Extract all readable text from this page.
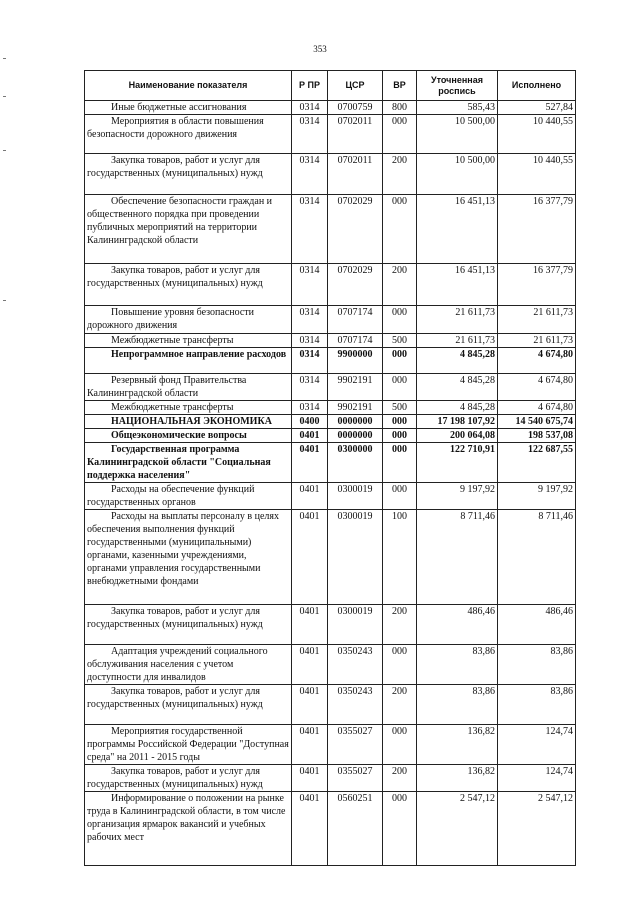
353
Наименование показателя	Р ПР	ЦСР	ВР	Уточненная роспись	Исполнено
Иные бюджетные ассигнования	0314	0700759	800	585,43	527,84
Мероприятия в области повышения безопасности дорожного движения	0314	0702011	000	10 500,00	10 440,55
Закупка товаров, работ и услуг для государственных (муниципальных) нужд	0314	0702011	200	10 500,00	10 440,55
Обеспечение безопасности граждан и общественного порядка при проведении публичных мероприятий на территории Калининградской области	0314	0702029	000	16 451,13	16 377,79
Закупка товаров, работ и услуг для государственных (муниципальных) нужд	0314	0702029	200	16 451,13	16 377,79
Повышение уровня безопасности дорожного движения	0314	0707174	000	21 611,73	21 611,73
Межбюджетные трансферты	0314	0707174	500	21 611,73	21 611,73
Непрограммное направление расходов	0314	9900000	000	4 845,28	4 674,80
Резервный фонд Правительства Калининградской области	0314	9902191	000	4 845,28	4 674,80
Межбюджетные трансферты	0314	9902191	500	4 845,28	4 674,80
НАЦИОНАЛЬНАЯ ЭКОНОМИКА	0400	0000000	000	17 198 107,92	14 540 675,74
Общеэкономические вопросы	0401	0000000	000	200 064,08	198 537,08
Государственная программа Калининградской области "Социальная поддержка населения"	0401	0300000	000	122 710,91	122 687,55
Расходы на обеспечение функций государственных органов	0401	0300019	000	9 197,92	9 197,92
Расходы на выплаты персоналу в целях обеспечения выполнения функций государственными (муниципальными) органами, казенными учреждениями, органами управления государственными внебюджетными фондами	0401	0300019	100	8 711,46	8 711,46
Закупка товаров, работ и услуг для государственных (муниципальных) нужд	0401	0300019	200	486,46	486,46
Адаптация учреждений социального обслуживания населения с учетом доступности для инвалидов	0401	0350243	000	83,86	83,86
Закупка товаров, работ и услуг для государственных (муниципальных) нужд	0401	0350243	200	83,86	83,86
Мероприятия государственной программы Российской Федерации "Доступная среда" на 2011 - 2015 годы	0401	0355027	000	136,82	124,74
Закупка товаров, работ и услуг для государственных (муниципальных) нужд	0401	0355027	200	136,82	124,74
Информирование о положении на рынке труда в Калининградской области, в том числе организация ярмарок вакансий и учебных рабочих мест	0401	0560251	000	2 547,12	2 547,12
